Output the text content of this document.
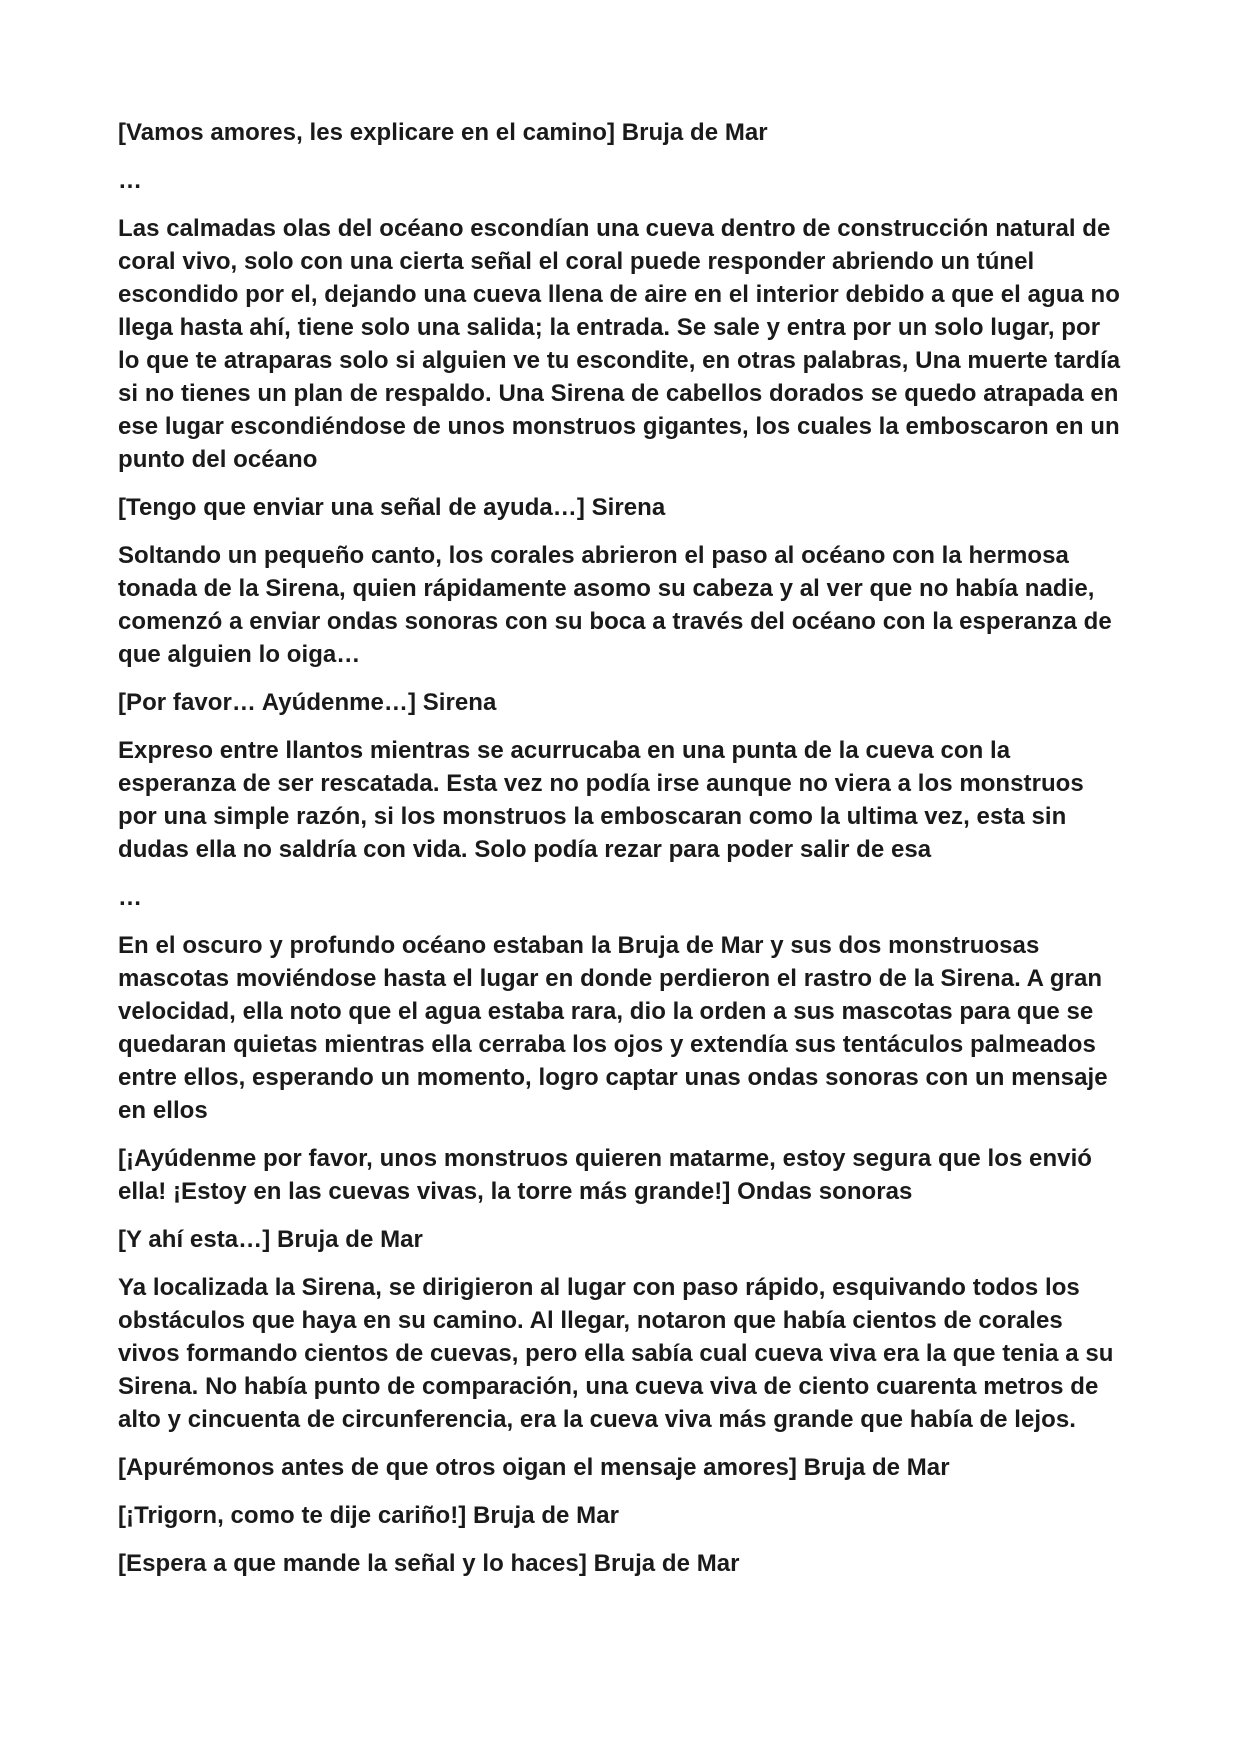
[Vamos amores, les explicare en el camino] Bruja de Mar

…

Las calmadas olas del océano escondían una cueva dentro de construcción natural de coral vivo, solo con una cierta señal el coral puede responder abriendo un túnel escondido por el, dejando una cueva llena de aire en el interior debido a que el agua no llega hasta ahí, tiene solo una salida; la entrada. Se sale y entra por un solo lugar, por lo que te atraparas solo si alguien ve tu escondite, en otras palabras, Una muerte tardía si no tienes un plan de respaldo. Una Sirena de cabellos dorados se quedo atrapada en ese lugar escondiéndose de unos monstruos gigantes, los cuales la emboscaron en un punto del océano

[Tengo que enviar una señal de ayuda…] Sirena

Soltando un pequeño canto, los corales abrieron el paso al océano con la hermosa tonada de la Sirena, quien rápidamente asomo su cabeza y al ver que no había nadie, comenzó a enviar ondas sonoras con su boca a través del océano con la esperanza de que alguien lo oiga…

[Por favor… Ayúdenme…] Sirena

Expreso entre llantos mientras se acurrucaba en una punta de la cueva con la esperanza de ser rescatada. Esta vez no podía irse aunque no viera a los monstruos por una simple razón, si los monstruos la emboscaran como la ultima vez, esta sin dudas ella no saldría con vida. Solo podía rezar para poder salir de esa

…

En el oscuro y profundo océano estaban la Bruja de Mar y sus dos monstruosas mascotas moviéndose hasta el lugar en donde perdieron el rastro de la Sirena. A gran velocidad, ella noto que el agua estaba rara, dio la orden a sus mascotas para que se quedaran quietas mientras ella cerraba los ojos y extendía sus tentáculos palmeados entre ellos, esperando un momento, logro captar unas ondas sonoras con un mensaje en ellos

[¡Ayúdenme por favor, unos monstruos quieren matarme, estoy segura que los envió ella! ¡Estoy en las cuevas vivas, la torre más grande!] Ondas sonoras

[Y ahí esta…] Bruja de Mar

Ya localizada la Sirena, se dirigieron al lugar con paso rápido, esquivando todos los obstáculos que haya en su camino. Al llegar, notaron que había cientos de corales vivos formando cientos de cuevas, pero ella sabía cual cueva viva era la que tenia a su Sirena. No había punto de comparación, una cueva viva de ciento cuarenta metros de alto y cincuenta de circunferencia, era la cueva viva más grande que había de lejos.

[Apurémonos antes de que otros oigan el mensaje amores] Bruja de Mar

[¡Trigorn, como te dije cariño!] Bruja de Mar

[Espera a que mande la señal y lo haces] Bruja de Mar
